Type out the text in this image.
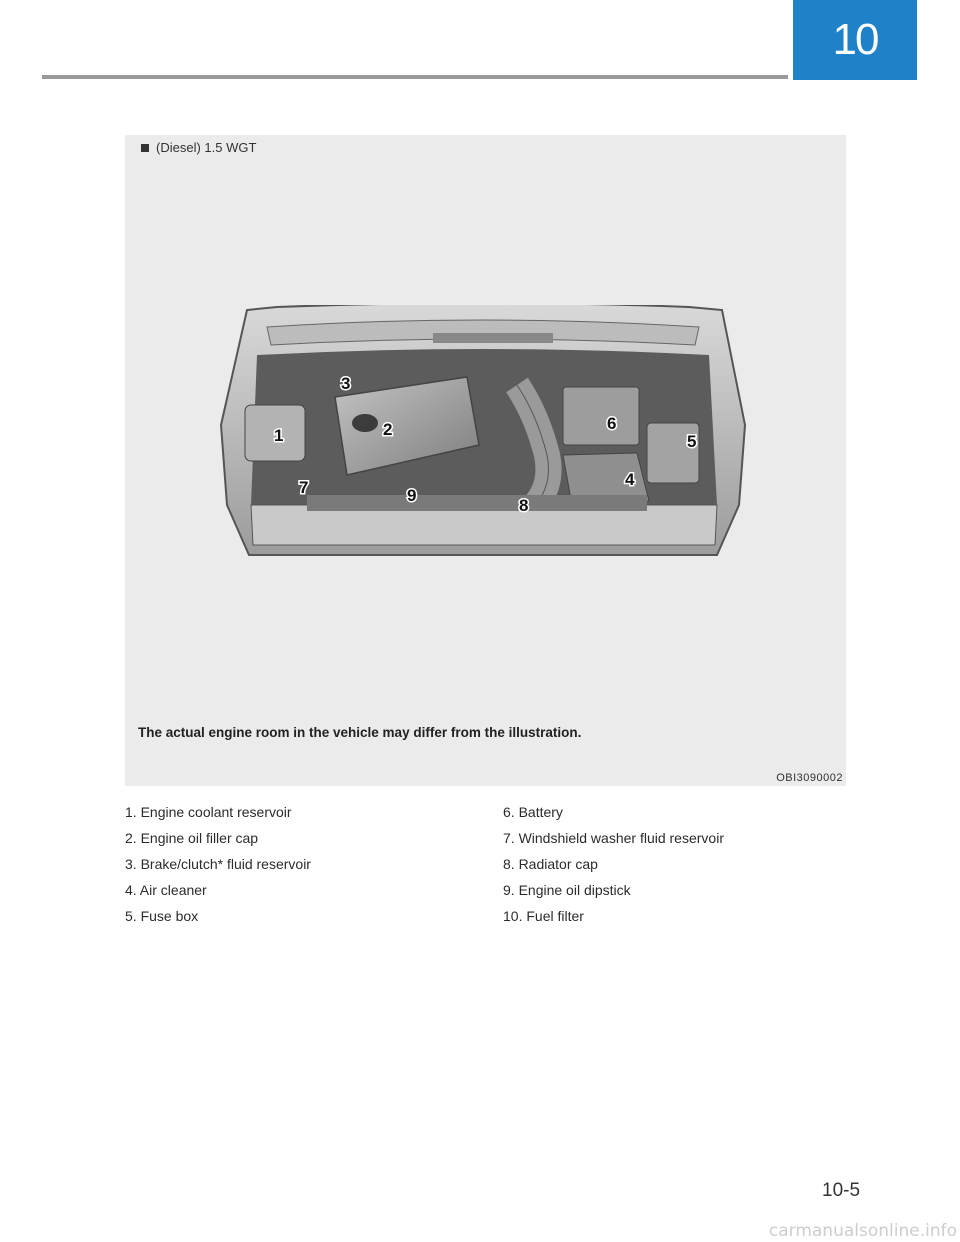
10
(Diesel) 1.5 WGT
1	2
3
4
5
6
7
8
9
The actual engine room in the vehicle may differ from the illustration.
OBI3090002
1. Engine coolant reservoir
2. Engine oil filler cap
3. Brake/clutch* fluid reservoir
4. Air cleaner
5. Fuse box
6. Battery
7. Windshield washer fluid reservoir
8. Radiator cap
9. Engine oil dipstick
10. Fuel filter
10-5
carmanualsonline.info
